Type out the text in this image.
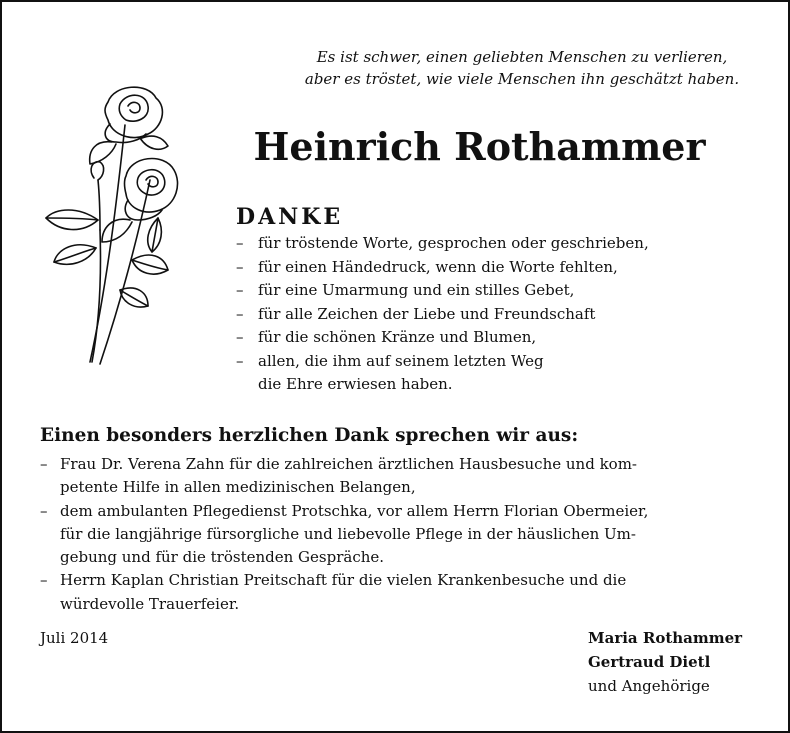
Es ist schwer, einen geliebten Menschen zu verlieren,
aber es tröstet, wie viele Menschen ihn geschätzt haben.
Heinrich Rothammer
DANKE
– für tröstende Worte, gesprochen oder geschrieben,
– für einen Händedruck, wenn die Worte fehlten,
– für eine Umarmung und ein stilles Gebet,
– für alle Zeichen der Liebe und Freundschaft
– für die schönen Kränze und Blumen,
– allen, die ihm auf seinem letzten Weg
die Ehre erwiesen haben.
Einen besonders herzlichen Dank sprechen wir aus:
– Frau Dr. Verena Zahn für die zahlreichen ärztlichen Hausbesuche und kom-
petente Hilfe in allen medizinischen Belangen,
– dem ambulanten Pflegedienst Protschka, vor allem Herrn Florian Obermeier,
für die langjährige fürsorgliche und liebevolle Pflege in der häuslichen Um-
gebung und für die tröstenden Gespräche.
– Herrn Kaplan Christian Preitschaft für die vielen Krankenbesuche und die
würdevolle Trauerfeier.
Juli 2014	Maria Rothammer
Gertraud Dietl
und Angehörige
